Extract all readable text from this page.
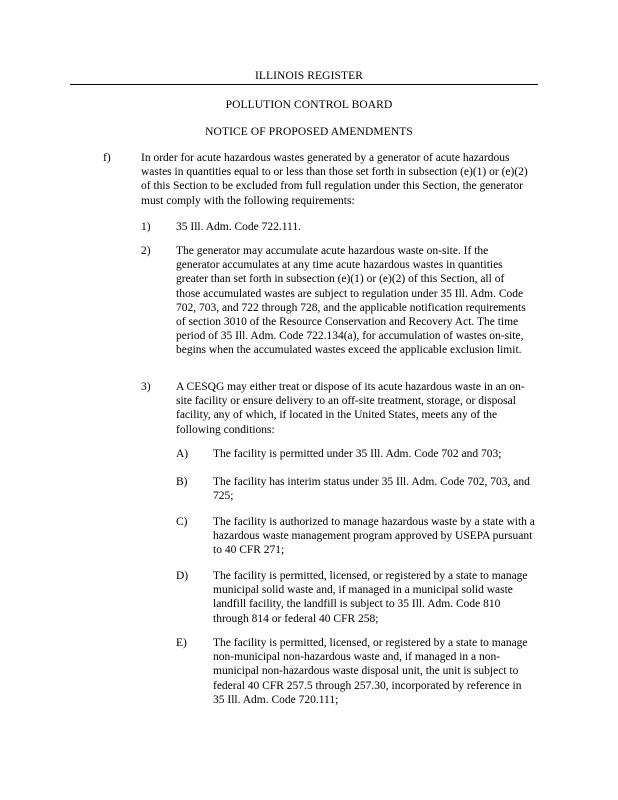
ILLINOIS REGISTER
POLLUTION CONTROL BOARD
NOTICE OF PROPOSED AMENDMENTS
f)	In order for acute hazardous wastes generated by a generator of acute hazardous wastes in quantities equal to or less than those set forth in subsection (e)(1) or (e)(2) of this Section to be excluded from full regulation under this Section, the generator must comply with the following requirements:
1) 35 Ill. Adm. Code 722.111.
2) The generator may accumulate acute hazardous waste on-site. If the generator accumulates at any time acute hazardous wastes in quantities greater than set forth in subsection (e)(1) or (e)(2) of this Section, all of those accumulated wastes are subject to regulation under 35 Ill. Adm. Code 702, 703, and 722 through 728, and the applicable notification requirements of section 3010 of the Resource Conservation and Recovery Act. The time period of 35 Ill. Adm. Code 722.134(a), for accumulation of wastes on-site, begins when the accumulated wastes exceed the applicable exclusion limit.
3) A CESQG may either treat or dispose of its acute hazardous waste in an on-site facility or ensure delivery to an off-site treatment, storage, or disposal facility, any of which, if located in the United States, meets any of the following conditions:
A) The facility is permitted under 35 Ill. Adm. Code 702 and 703;
B) The facility has interim status under 35 Ill. Adm. Code 702, 703, and 725;
C) The facility is authorized to manage hazardous waste by a state with a hazardous waste management program approved by USEPA pursuant to 40 CFR 271;
D) The facility is permitted, licensed, or registered by a state to manage municipal solid waste and, if managed in a municipal solid waste landfill facility, the landfill is subject to 35 Ill. Adm. Code 810 through 814 or federal 40 CFR 258;
E) The facility is permitted, licensed, or registered by a state to manage non-municipal non-hazardous waste and, if managed in a non-municipal non-hazardous waste disposal unit, the unit is subject to federal 40 CFR 257.5 through 257.30, incorporated by reference in 35 Ill. Adm. Code 720.111;
